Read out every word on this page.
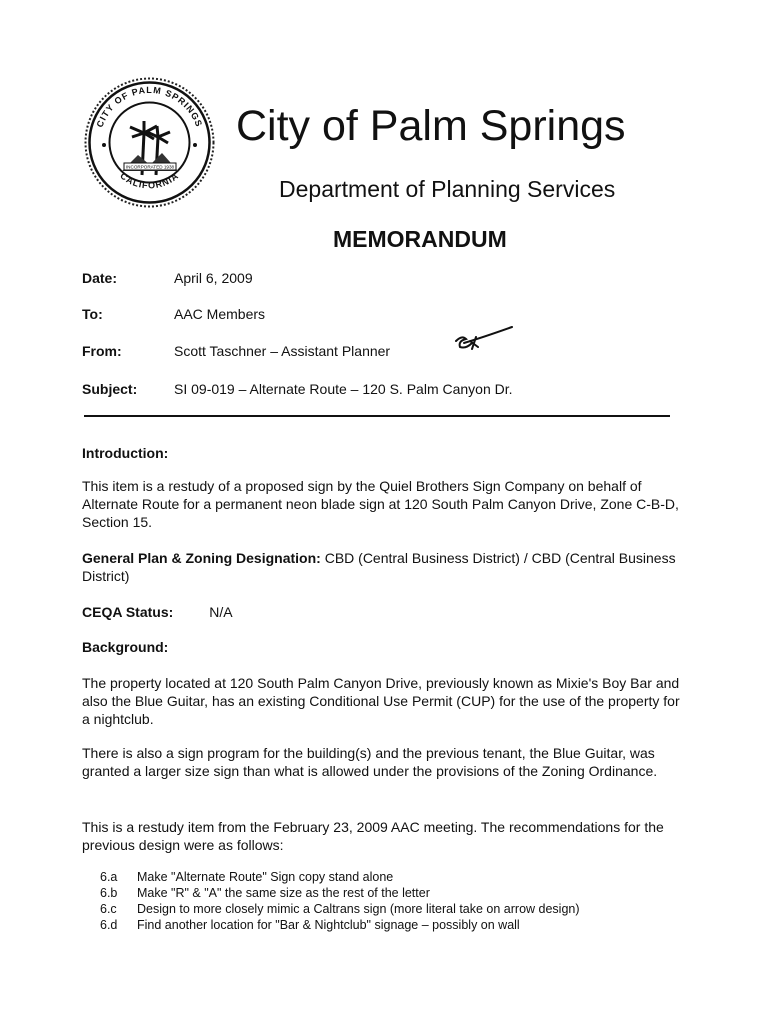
CITY OF PALM SPRINGS
CALIFORNIA
INCORPORATED 1938
City of Palm Springs
Department of Planning Services
MEMORANDUM
Date:	April 6, 2009
To:	AAC Members
From:	Scott Taschner – Assistant Planner
Subject:	SI 09-019 – Alternate Route – 120 S. Palm Canyon Dr.
Introduction:
This item is a restudy of a proposed sign by the Quiel Brothers Sign Company on behalf of Alternate Route for a permanent neon blade sign at 120 South Palm Canyon Drive, Zone C-B-D, Section 15.
General Plan & Zoning Designation: CBD (Central Business District) / CBD (Central Business District)
CEQA Status:	N/A
Background:
The property located at 120 South Palm Canyon Drive, previously known as Mixie's Boy Bar and also the Blue Guitar, has an existing Conditional Use Permit (CUP) for the use of the property for a nightclub.
There is also a sign program for the building(s) and the previous tenant, the Blue Guitar, was granted a larger size sign than what is allowed under the provisions of the Zoning Ordinance.
This is a restudy item from the February 23, 2009 AAC meeting. The recommendations for the previous design were as follows:
6.a	Make "Alternate Route" Sign copy stand alone
6.b	Make "R" & "A" the same size as the rest of the letter
6.c	Design to more closely mimic a Caltrans sign (more literal take on arrow design)
6.d	Find another location for "Bar & Nightclub" signage – possibly on wall
